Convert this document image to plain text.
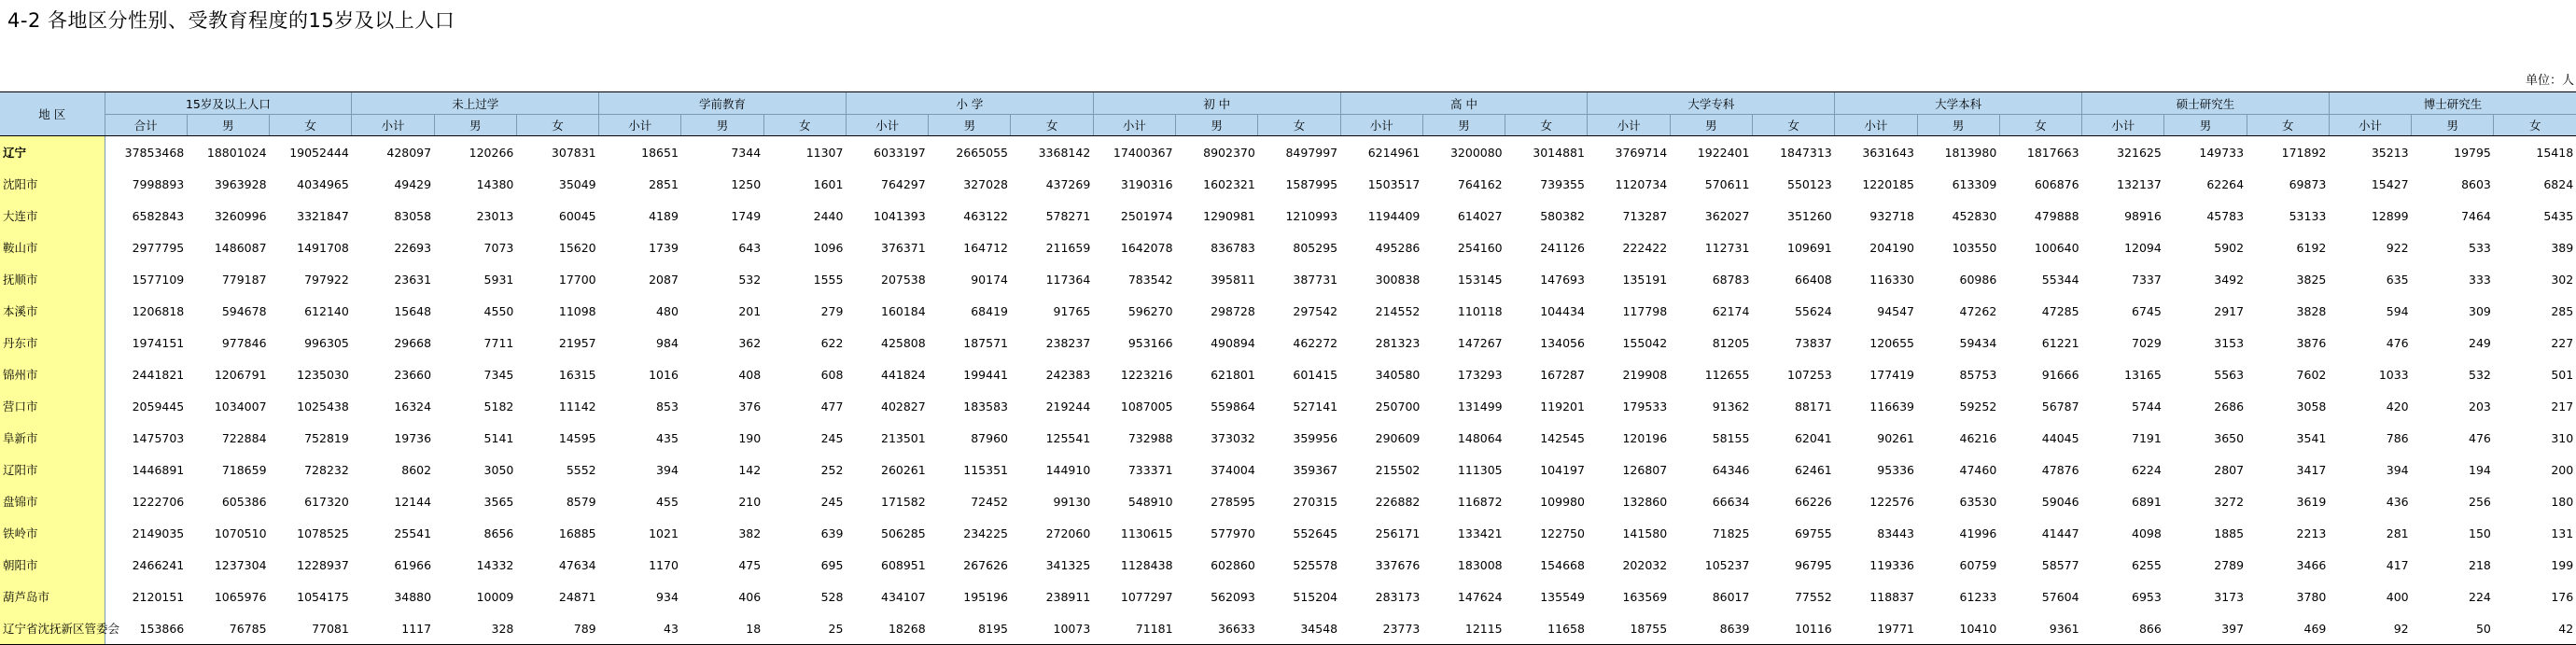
4-2 各地区分性别、受教育程度的15岁及以上人口
单位：人
地 区	15岁及以上人口			未上过学			学前教育			小 学			初 中			高 中			大学专科			大学本科			硕士研究生			博士研究生		
	合计	男	女	小计	男	女	小计	男	女	小计	男	女	小计	男	女	小计	男	女	小计	男	女	小计	男	女	小计	男	女	小计	男	女
辽宁	37853468	18801024	19052444	428097	120266	307831	18651	7344	11307	6033197	2665055	3368142	17400367	8902370	8497997	6214961	3200080	3014881	3769714	1922401	1847313	3631643	1813980	1817663	321625	149733	171892	35213	19795	15418
沈阳市	7998893	3963928	4034965	49429	14380	35049	2851	1250	1601	764297	327028	437269	3190316	1602321	1587995	1503517	764162	739355	1120734	570611	550123	1220185	613309	606876	132137	62264	69873	15427	8603	6824
大连市	6582843	3260996	3321847	83058	23013	60045	4189	1749	2440	1041393	463122	578271	2501974	1290981	1210993	1194409	614027	580382	713287	362027	351260	932718	452830	479888	98916	45783	53133	12899	7464	5435
鞍山市	2977795	1486087	1491708	22693	7073	15620	1739	643	1096	376371	164712	211659	1642078	836783	805295	495286	254160	241126	222422	112731	109691	204190	103550	100640	12094	5902	6192	922	533	389
抚顺市	1577109	779187	797922	23631	5931	17700	2087	532	1555	207538	90174	117364	783542	395811	387731	300838	153145	147693	135191	68783	66408	116330	60986	55344	7337	3492	3825	635	333	302
本溪市	1206818	594678	612140	15648	4550	11098	480	201	279	160184	68419	91765	596270	298728	297542	214552	110118	104434	117798	62174	55624	94547	47262	47285	6745	2917	3828	594	309	285
丹东市	1974151	977846	996305	29668	7711	21957	984	362	622	425808	187571	238237	953166	490894	462272	281323	147267	134056	155042	81205	73837	120655	59434	61221	7029	3153	3876	476	249	227
锦州市	2441821	1206791	1235030	23660	7345	16315	1016	408	608	441824	199441	242383	1223216	621801	601415	340580	173293	167287	219908	112655	107253	177419	85753	91666	13165	5563	7602	1033	532	501
营口市	2059445	1034007	1025438	16324	5182	11142	853	376	477	402827	183583	219244	1087005	559864	527141	250700	131499	119201	179533	91362	88171	116639	59252	56787	5744	2686	3058	420	203	217
阜新市	1475703	722884	752819	19736	5141	14595	435	190	245	213501	87960	125541	732988	373032	359956	290609	148064	142545	120196	58155	62041	90261	46216	44045	7191	3650	3541	786	476	310
辽阳市	1446891	718659	728232	8602	3050	5552	394	142	252	260261	115351	144910	733371	374004	359367	215502	111305	104197	126807	64346	62461	95336	47460	47876	6224	2807	3417	394	194	200
盘锦市	1222706	605386	617320	12144	3565	8579	455	210	245	171582	72452	99130	548910	278595	270315	226882	116872	109980	132860	66634	66226	122576	63530	59046	6891	3272	3619	436	256	180
铁岭市	2149035	1070510	1078525	25541	8656	16885	1021	382	639	506285	234225	272060	1130615	577970	552645	256171	133421	122750	141580	71825	69755	83443	41996	41447	4098	1885	2213	281	150	131
朝阳市	2466241	1237304	1228937	61966	14332	47634	1170	475	695	608951	267626	341325	1128438	602860	525578	337676	183008	154668	202032	105237	96795	119336	60759	58577	6255	2789	3466	417	218	199
葫芦岛市	2120151	1065976	1054175	34880	10009	24871	934	406	528	434107	195196	238911	1077297	562093	515204	283173	147624	135549	163569	86017	77552	118837	61233	57604	6953	3173	3780	400	224	176
辽宁省沈抚新区管委会	153866	76785	77081	1117	328	789	43	18	25	18268	8195	10073	71181	36633	34548	23773	12115	11658	18755	8639	10116	19771	10410	9361	866	397	469	92	50	42
